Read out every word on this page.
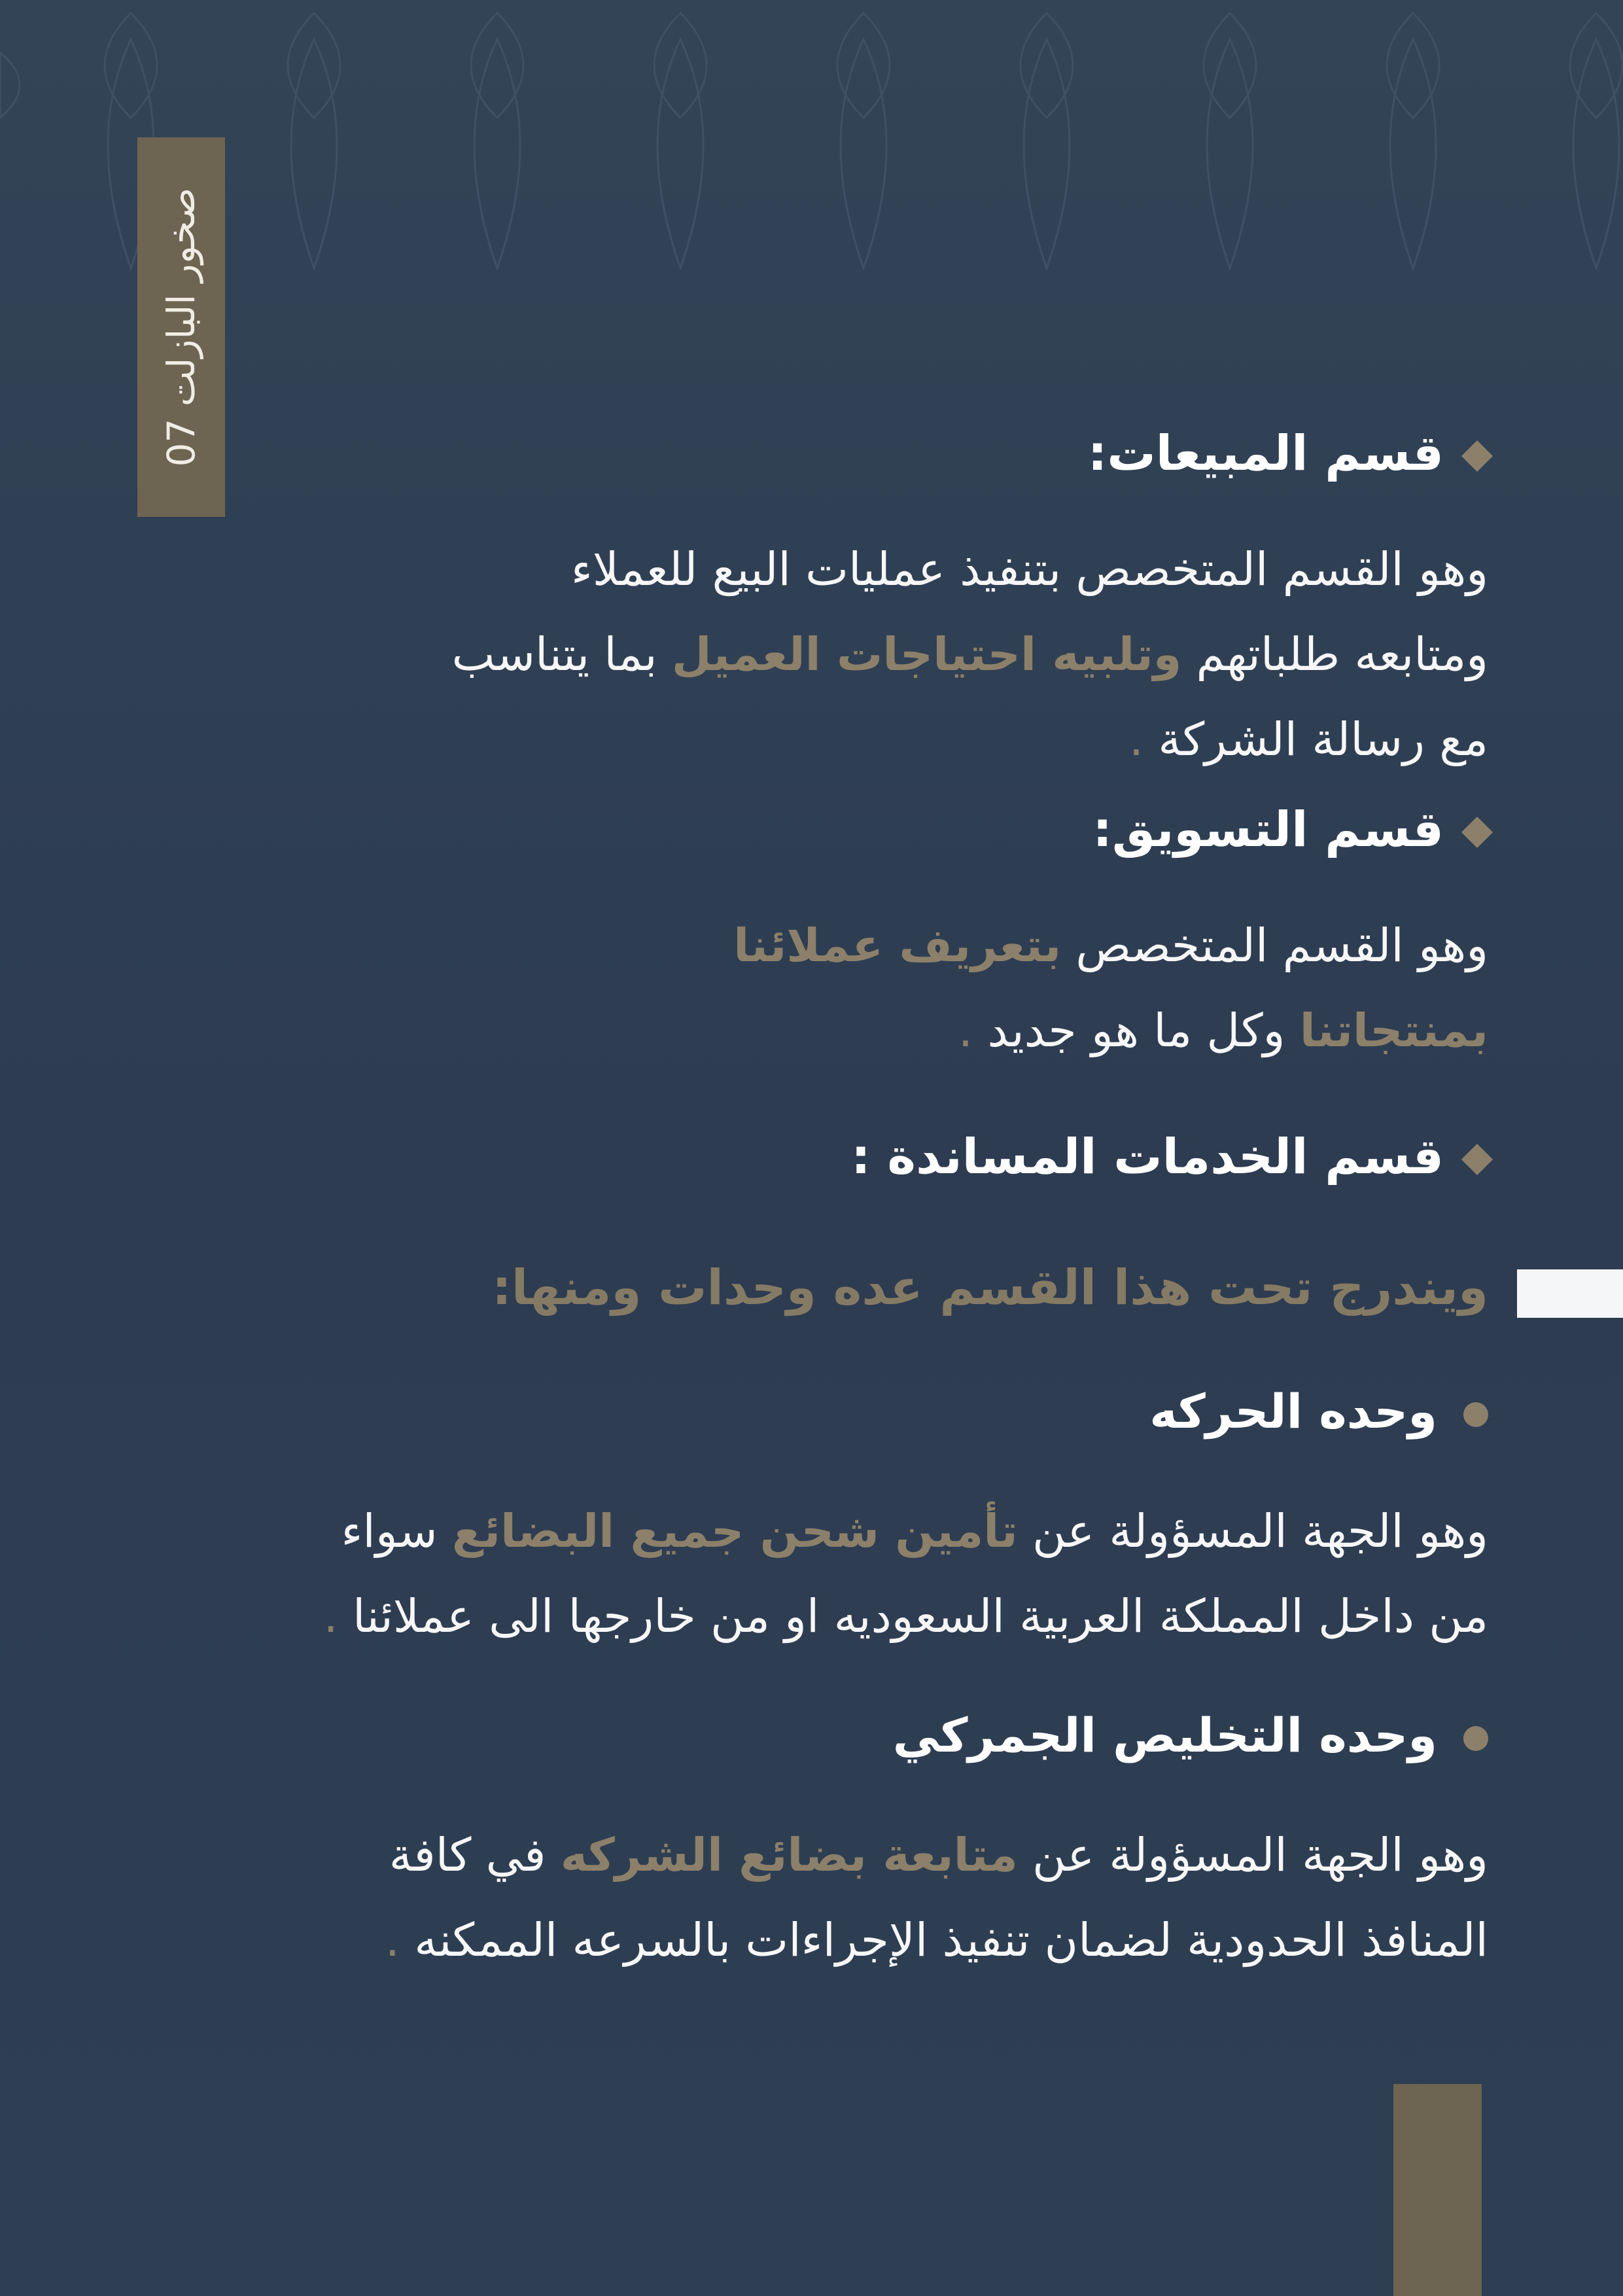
صخور البازلت 07
قسم المبيعات:
وهو القسم المتخصص بتنفيذ عمليات البيع للعملاء
ومتابعه طلباتهم وتلبيه احتياجات العميل بما يتناسب
مع رسالة الشركة .
قسم التسويق:
وهو القسم المتخصص بتعريف عملائنا
بمنتجاتنا وكل ما هو جديد .
قسم الخدمات المساندة :
ويندرج تحت هذا القسم عده وحدات ومنها:
وحده الحركه
وهو الجهة المسؤولة عن تأمين شحن جميع البضائع سواء
من داخل المملكة العربية السعوديه او من خارجها الى عملائنا .
وحده التخليص الجمركي
وهو الجهة المسؤولة عن متابعة بضائع الشركه في كافة
المنافذ الحدودية لضمان تنفيذ الإجراءات بالسرعه الممكنه .
